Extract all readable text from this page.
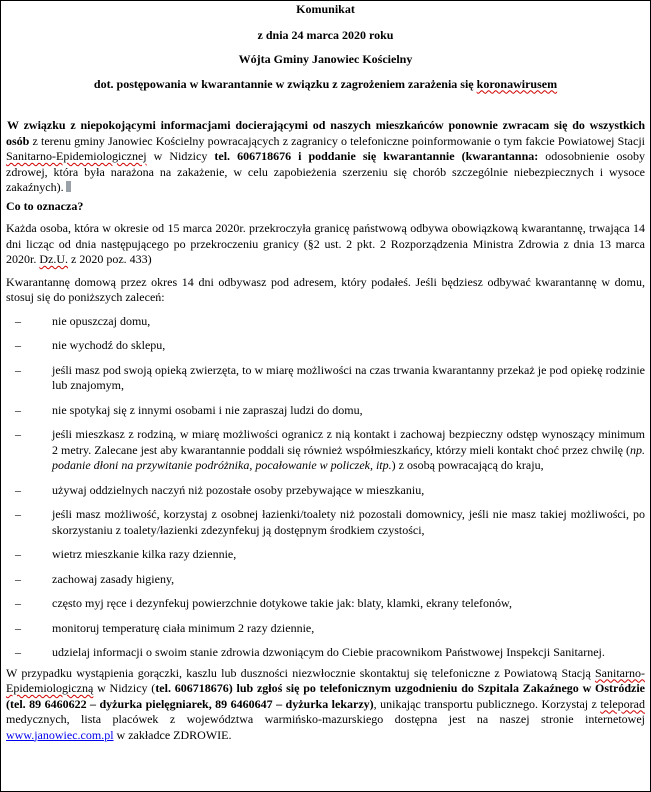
Komunikat

z dnia 24 marca 2020 roku

Wójta Gminy Janowiec Kościelny

dot. postępowania w kwarantannie w związku z zagrożeniem zarażenia się koronawirusem

W związku z niepokojącymi informacjami docierającymi od naszych mieszkańców ponownie zwracam się do wszystkich osób z terenu gminy Janowiec Kościelny powracających z zagranicy o telefoniczne poinformowanie o tym fakcie Powiatowej Stacji Sanitarno-Epidemiologicznej w Nidzicy tel. 606718676 i poddanie się kwarantannie (kwarantanna: odosobnienie osoby zdrowej, która była narażona na zakażenie, w celu zapobieżenia szerzeniu się chorób szczególnie niebezpiecznych i wysoce zakaźnych).

Co to oznacza?

Każda osoba, która w okresie od 15 marca 2020r. przekroczyła granicę państwową odbywa obowiązkową kwarantannę, trwająca 14 dni licząc od dnia następującego po przekroczeniu granicy (§2 ust. 2 pkt. 2 Rozporządzenia Ministra Zdrowia z dnia 13 marca 2020r. Dz.U. z 2020 poz. 433)

Kwarantannę domową przez okres 14 dni odbywasz pod adresem, który podałeś. Jeśli będziesz odbywać kwarantannę w domu, stosuj się do poniższych zaleceń:

–	nie opuszczaj domu,
–	nie wychodź do sklepu,
–	jeśli masz pod swoją opieką zwierzęta, to w miarę możliwości na czas trwania kwarantanny przekaż je pod opiekę rodzinie lub znajomym,
–	nie spotykaj się z innymi osobami i nie zapraszaj ludzi do domu,
–	jeśli mieszkasz z rodziną, w miarę możliwości ogranicz z nią kontakt i zachowaj bezpieczny odstęp wynoszący minimum 2 metry. Zalecane jest aby kwarantannie poddali się również współmieszkańcy, którzy mieli kontakt choć przez chwilę (np. podanie dłoni na przywitanie podróżnika, pocałowanie w policzek, itp.) z osobą powracającą do kraju,
–	używaj oddzielnych naczyń niż pozostałe osoby przebywające w mieszkaniu,
–	jeśli masz możliwość, korzystaj z osobnej łazienki/toalety niż pozostali domownicy, jeśli nie masz takiej możliwości, po skorzystaniu z toalety/łazienki zdezynfekuj ją dostępnym środkiem czystości,
–	wietrz mieszkanie kilka razy dziennie,
–	zachowaj zasady higieny,
–	często myj ręce i dezynfekuj powierzchnie dotykowe takie jak: blaty, klamki, ekrany telefonów,
–	monitoruj temperaturę ciała minimum 2 razy dziennie,
–	udzielaj informacji o swoim stanie zdrowia dzwoniącym do Ciebie pracownikom Państwowej Inspekcji Sanitarnej.

W przypadku wystąpienia gorączki, kaszlu lub duszności niezwłocznie skontaktuj się telefoniczne z Powiatową Stacją Sanitarno-Epidemiologiczną w Nidzicy (tel. 606718676) lub zgłoś się po telefonicznym uzgodnieniu do Szpitala Zakaźnego w Ostródzie (tel. 89 6460622 – dyżurka pielęgniarek, 89 6460647 – dyżurka lekarzy), unikając transportu publicznego. Korzystaj z teleporad medycznych, lista placówek z województwa warmińsko-mazurskiego dostępna jest na naszej stronie internetowej www.janowiec.com.pl w zakładce ZDROWIE.
